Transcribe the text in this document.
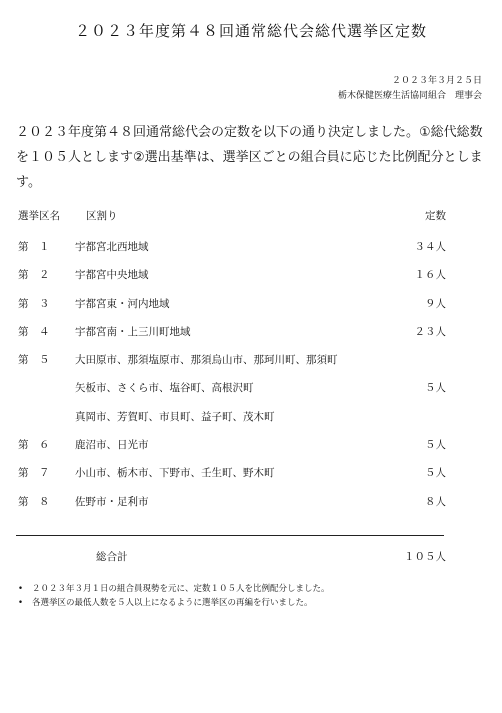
２０２３年度第４８回通常総代会総代選挙区定数
２０２３年３月２５日
栃木保健医療生活協同組合　理事会
２０２３年度第４８回通常総代会の定数を以下の通り決定しました。①総代総数を１０５人とします②選出基準は、選挙区ごとの組合員に応じた比例配分とします。
選挙区名 区割り	定数
第　１ 宇都宮北西地域	３４人
第　２ 宇都宮中央地域	１６人
第　３ 宇都宮東・河内地域	９人
第　４ 宇都宮南・上三川町地域	２３人
第　５ 大田原市、那須塩原市、那須烏山市、那珂川町、那須町
矢板市、さくら市、塩谷町、高根沢町	５人
真岡市、芳賀町、市貝町、益子町、茂木町
第　６ 鹿沼市、日光市	５人
第　７ 小山市、栃木市、下野市、壬生町、野木町	５人
第　８ 佐野市・足利市	８人
総合計	１０５人
• ２０２３年３月１日の組合員現勢を元に、定数１０５人を比例配分しました。
• 各選挙区の最低人数を５人以上になるように選挙区の再編を行いました。
